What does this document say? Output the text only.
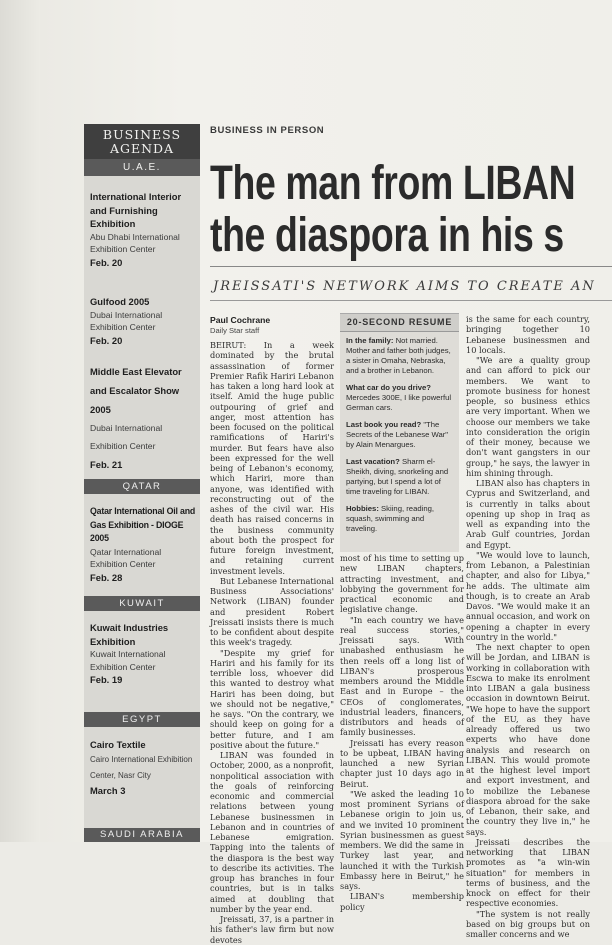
BUSINESS
AGENDA
U.A.E.
International Interior and Furnishing Exhibition
Abu Dhabi International
Exhibition Center
Feb. 20
Gulfood 2005
Dubai International
Exhibition Center
Feb. 20
Middle East Elevator and Escalator Show 2005
Dubai International
Exhibition Center
Feb. 21
QATAR
Qatar International Oil and Gas Exhibition - DIOGE 2005
Qatar International
Exhibition Center
Feb. 28
KUWAIT
Kuwait Industries Exhibition
Kuwait International
Exhibition Center
Feb. 19
EGYPT
Cairo Textile
Cairo International Exhibition
Center, Nasr City
March 3
SAUDI ARABIA
BUSINESS IN PERSON
The man from LIBAN
the diaspora in his s
JREISSATI'S NETWORK AIMS TO CREATE AN
Paul Cochrane
Daily Star staff

BEIRUT: In a week dominated by the brutal assassination of former Premier Rafik Hariri Lebanon has taken a long hard look at itself. Amid the huge public outpouring of grief and anger, most attention has been focused on the political ramifications of Hariri's murder. But fears have also been expressed for the well being of Lebanon's economy, which Hariri, more than anyone, was identified with reconstructing out of the ashes of the civil war. His death has raised concerns in the business community about both the prospect for future foreign investment, and retaining current investment levels.

But Lebanese International Business Associations' Network (LIBAN) founder and president Robert Jreissati insists there is much to be confident about despite this week's tragedy.

"Despite my grief for Hariri and his family for its terrible loss, whoever did this wanted to destroy what Hariri has been doing, but we should not be negative," he says. "On the contrary, we should keep on going for a better future, and I am positive about the future."

LIBAN was founded in October, 2000, as a nonprofit, nonpolitical association with the goals of reinforcing economic and commercial relations between young Lebanese businessmen in Lebanon and in countries of Lebanese emigration. Tapping into the talents of the diaspora is the best way to describe its activities. The group has branches in four countries, but is in talks aimed at doubling that number by the year end.

Jreissati, 37, is a partner in his father's law firm but now devotes

20-SECOND RESUME

In the family: Not married. Mother and father both judges, a sister in Omaha, Nebraska, and a brother in Lebanon.

What car do you drive? Mercedes 300E, I like powerful German cars.

Last book you read? "The Secrets of the Lebanese War" by Alain Menargues.

Last vacation? Sharm el-Sheikh, diving, snorkeling and partying, but I spend a lot of time traveling for LIBAN.

Hobbies: Skiing, reading, squash, swimming and traveling.

most of his time to setting up new LIBAN chapters, attracting investment, and lobbying the government for practical economic and legislative change.

"In each country we have real success stories," Jreissati says. With unabashed enthusiasm he then reels off a long list of LIBAN's prosperous members around the Middle East and in Europe – the CEOs of conglomerates, industrial leaders, financers, distributors and heads of family businesses.

Jreissati has every reason to be upbeat, LIBAN having launched a new Syrian chapter just 10 days ago in Beirut.

"We asked the leading 10 most prominent Syrians of Lebanese origin to join us, and we invited 10 prominent Syrian businessmen as guest members. We did the same in Turkey last year, and launched it with the Turkish Embassy here in Beirut," he says.

LIBAN's membership policy

is the same for each country, bringing together 10 Lebanese businessmen and 10 locals.

"We are a quality group and can afford to pick our members. We want to promote business for honest people, so business ethics are very important. When we choose our members we take into consideration the origin of their money, because we don't want gangsters in our group," he says, the lawyer in him shining through.

LIBAN also has chapters in Cyprus and Switzerland, and is currently in talks about opening up shop in Iraq as well as expanding into the Arab Gulf countries, Jordan and Egypt.

"We would love to launch, from Lebanon, a Palestinian chapter, and also for Libya," he adds. The ultimate aim though, is to create an Arab Davos. "We would make it an annual occasion, and work on opening a chapter in every country in the world."

The next chapter to open will be Jordan, and LIBAN is working in collaboration with Escwa to make its enrolment into LIBAN a gala business occasion in downtown Beirut. "We hope to have the support of the EU, as they have already offered us two experts who have done analysis and research on LIBAN. This would promote at the highest level import and export investment, and to mobilize the Lebanese diaspora abroad for the sake of Lebanon, their sake, and the country they live in," he says.

Jreissati describes the networking that LIBAN promotes as "a win-win situation" for members in terms of business, and the knock on effect for their respective economies.

"The system is not really based on big groups but on smaller concerns and we
